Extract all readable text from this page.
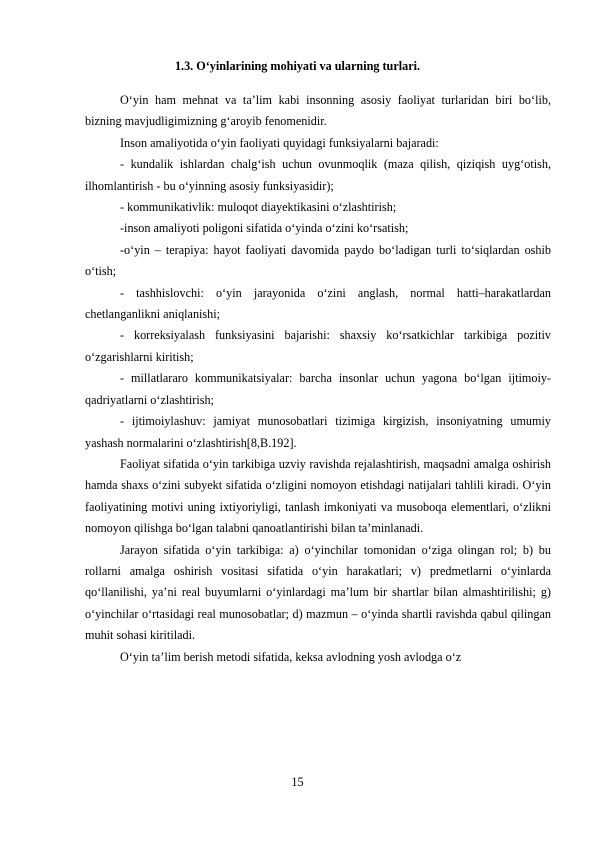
1.3. O‘yinlarining mohiyati va ularning turlari.

O‘yin ham mehnat va ta’lim kabi insonning asosiy faoliyat turlaridan biri bo‘lib, bizning mavjudligimizning g‘aroyib fenomenidir.

Inson amaliyotida o‘yin faoliyati quyidagi funksiyalarni bajaradi:

- kundalik ishlardan chalg‘ish uchun ovunmoqlik (maza qilish, qiziqish uyg‘otish, ilhomlantirish - bu o‘yinning asosiy funksiyasidir);

- kommunikativlik: muloqot diayektikasini o‘zlashtirish;

-inson amaliyoti poligoni sifatida o‘yinda o‘zini ko‘rsatish;

-o‘yin – terapiya: hayot faoliyati davomida paydo bo‘ladigan turli to‘siqlardan oshib o‘tish;

- tashhislovchi: o‘yin jarayonida o‘zini anglash, normal hatti–harakatlardan chetlanganlikni aniqlanishi;

- korreksiyalash funksiyasini bajarishi: shaxsiy ko‘rsatkichlar tarkibiga pozitiv o‘zgarishlarni kiritish;

- millatlararo kommunikatsiyalar: barcha insonlar uchun yagona bo‘lgan ijtimoiy-qadriyatlarni o‘zlashtirish;

- ijtimoiylashuv: jamiyat munosobatlari tizimiga kirgizish, insoniyatning umumiy yashash normalarini o‘zlashtirish[8,B.192].

Faoliyat sifatida o‘yin tarkibiga uzviy ravishda rejalashtirish, maqsadni amalga oshirish hamda shaxs o‘zini subyekt sifatida o‘zligini nomoyon etishdagi natijalari tahlili kiradi. O‘yin faoliyatining motivi uning ixtiyoriyligi, tanlash imkoniyati va musoboqa elementlari, o‘zlikni nomoyon qilishga bo‘lgan talabni qanoatlantirishi bilan ta’minlanadi.

Jarayon sifatida o‘yin tarkibiga: a) o‘yinchilar tomonidan o‘ziga olingan rol; b) bu rollarni amalga oshirish vositasi sifatida o‘yin harakatlari; v) predmetlarni o‘yinlarda qo‘llanilishi, ya’ni real buyumlarni o‘yinlardagi ma’lum bir shartlar bilan almashtirilishi; g) o‘yinchilar o‘rtasidagi real munosobatlar; d) mazmun – o‘yinda shartli ravishda qabul qilingan muhit sohasi kiritiladi.

O‘yin ta’lim berish metodi sifatida, keksa avlodning yosh avlodga o‘z

15
